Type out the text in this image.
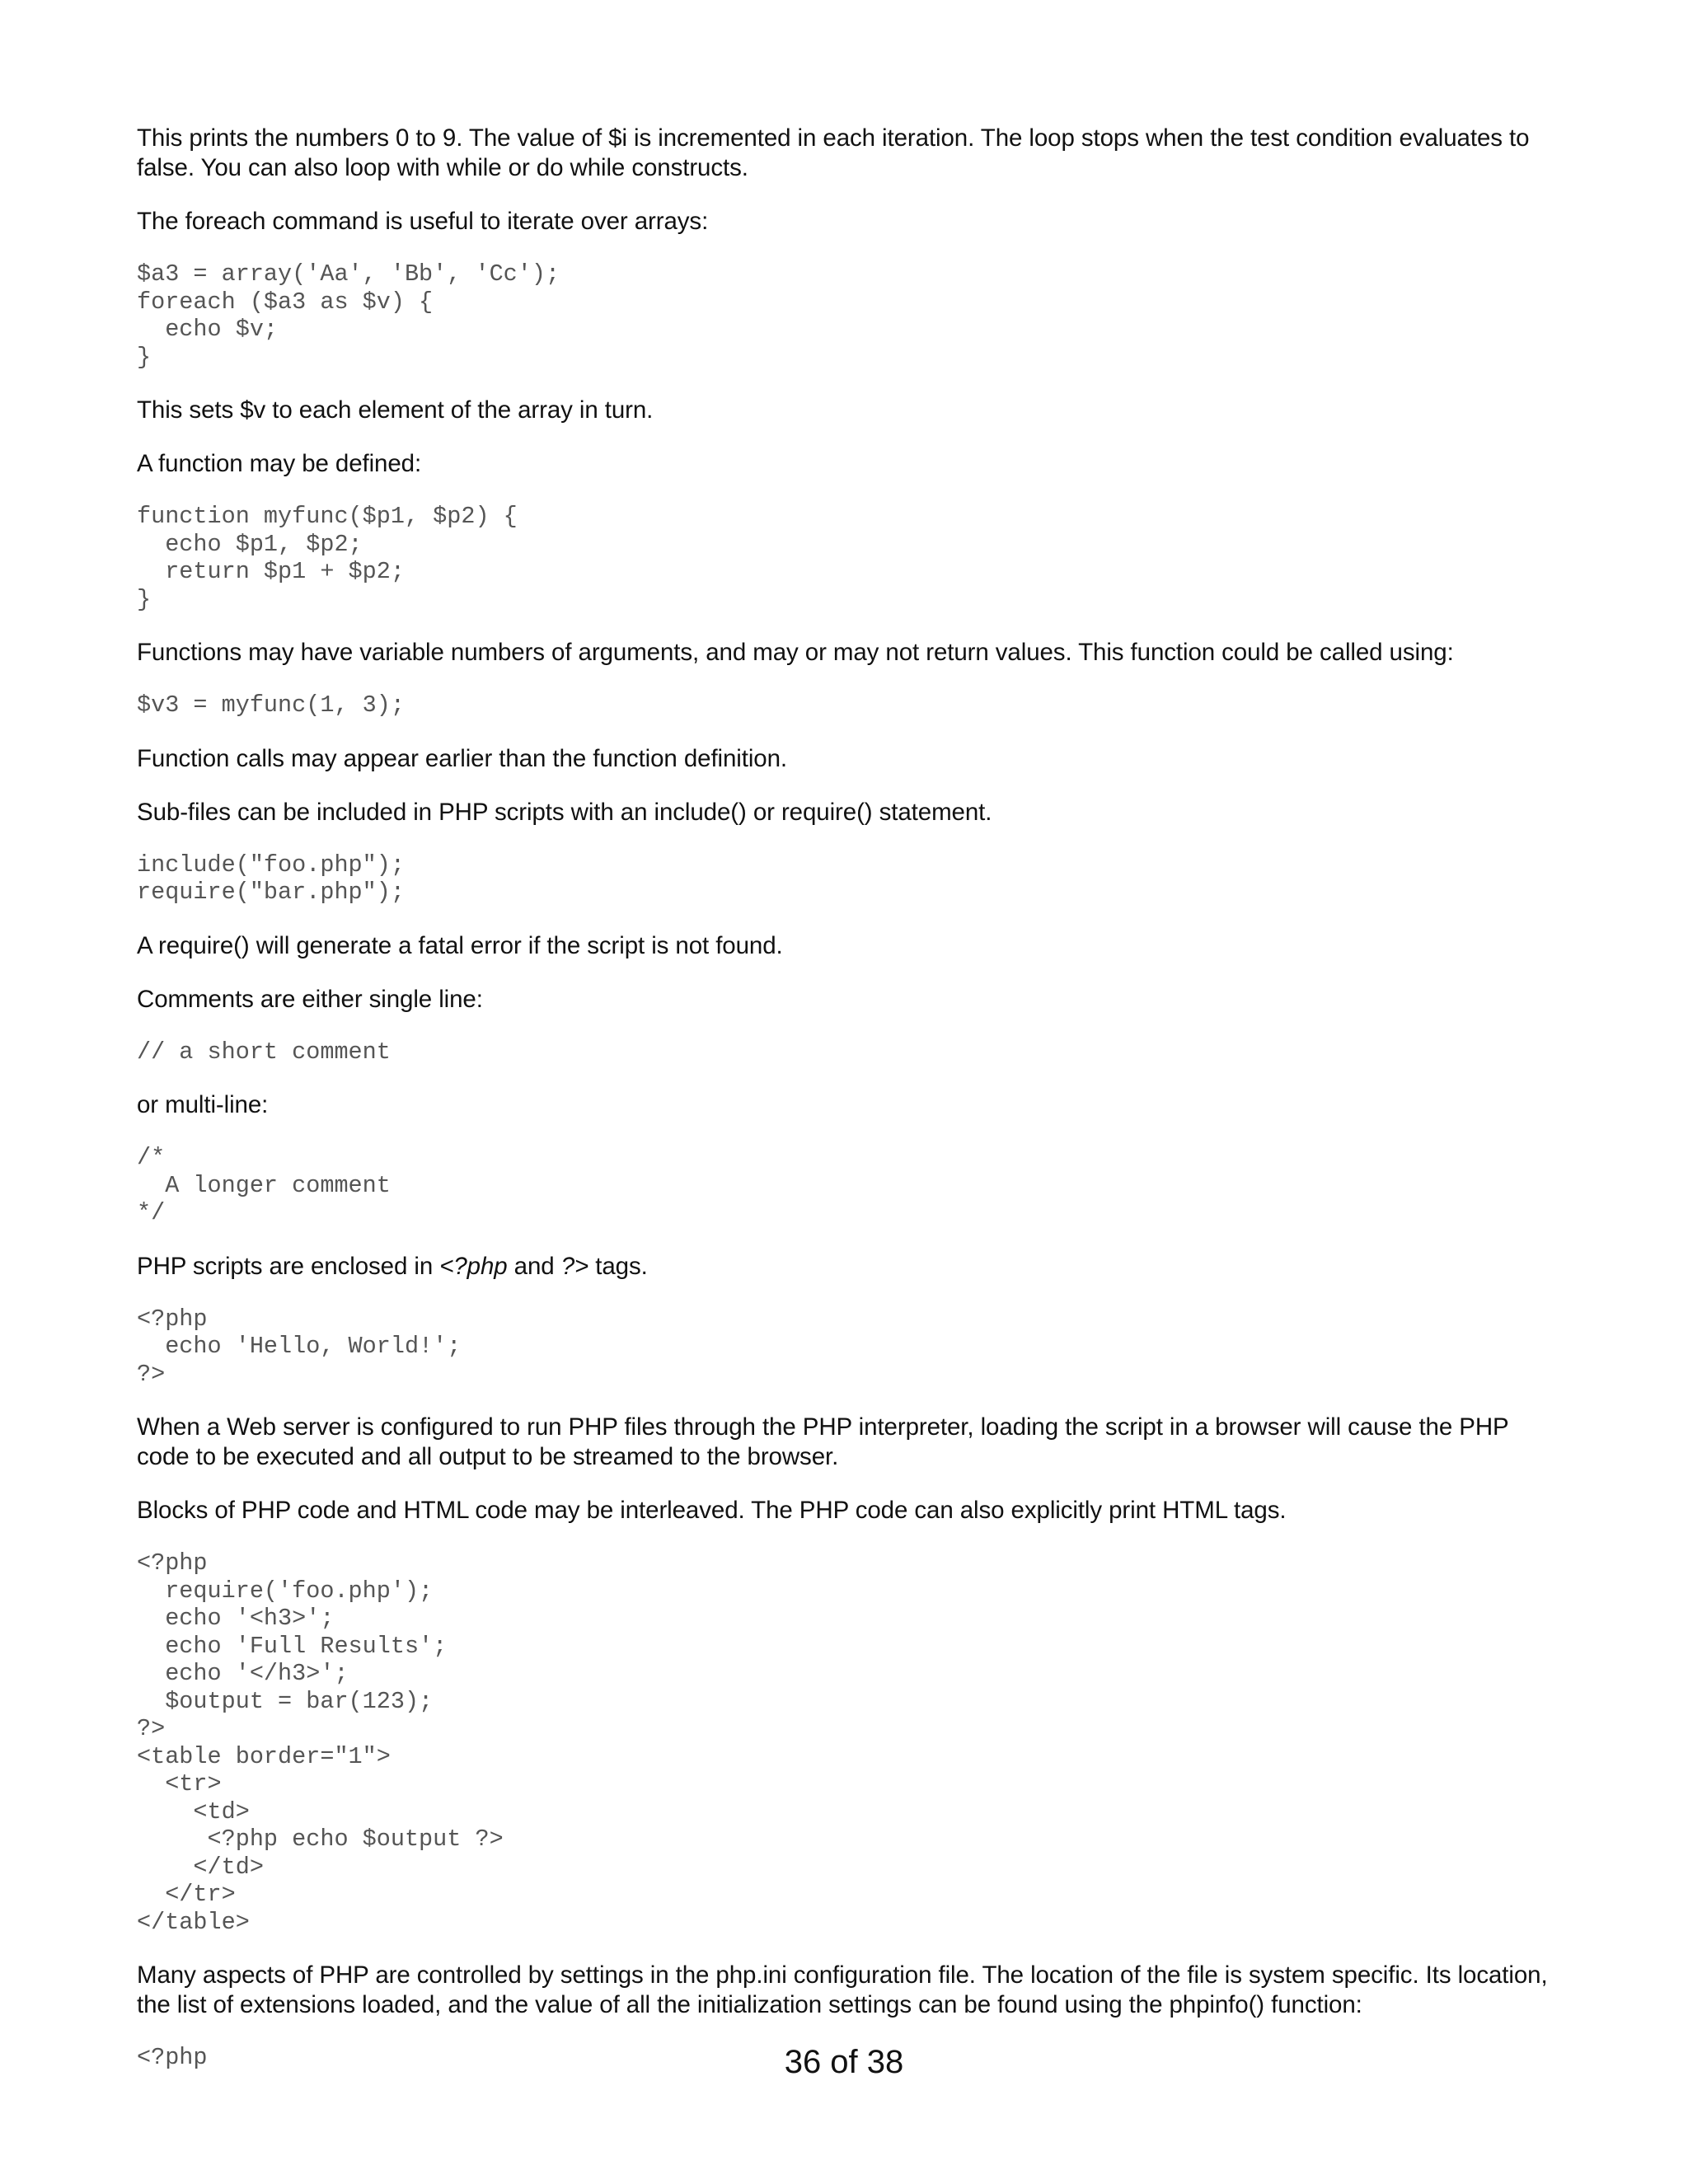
This prints the numbers 0 to 9. The value of $i is incremented in each iteration. The loop stops when the test condition evaluates to false. You can also loop with while or do while constructs.

The foreach command is useful to iterate over arrays:

$a3 = array('Aa', 'Bb', 'Cc');
foreach ($a3 as $v) {
echo $v;
}

This sets $v to each element of the array in turn.

A function may be defined:

function myfunc($p1, $p2) {
echo $p1, $p2;
return $p1 + $p2;
}

Functions may have variable numbers of arguments, and may or may not return values. This function could be called using:

$v3 = myfunc(1, 3);

Function calls may appear earlier than the function definition.

Sub-files can be included in PHP scripts with an include() or require() statement.

include("foo.php");
require("bar.php");

A require() will generate a fatal error if the script is not found.

Comments are either single line:

// a short comment

or multi-line:

/*
A longer comment
*/

PHP scripts are enclosed in <?php and ?> tags.

<?php
echo 'Hello, World!';
?>

When a Web server is configured to run PHP files through the PHP interpreter, loading the script in a browser will cause the PHP code to be executed and all output to be streamed to the browser.

Blocks of PHP code and HTML code may be interleaved. The PHP code can also explicitly print HTML tags.

<?php
require('foo.php');
echo '<h3>';
echo 'Full Results';
echo '</h3>';
$output = bar(123);
?>
<table border="1">
<tr>
<td>
<?php echo $output ?>
</td>
</tr>
</table>

Many aspects of PHP are controlled by settings in the php.ini configuration file. The location of the file is system specific. Its location, the list of extensions loaded, and the value of all the initialization settings can be found using the phpinfo() function:

<?php	36 of 38
